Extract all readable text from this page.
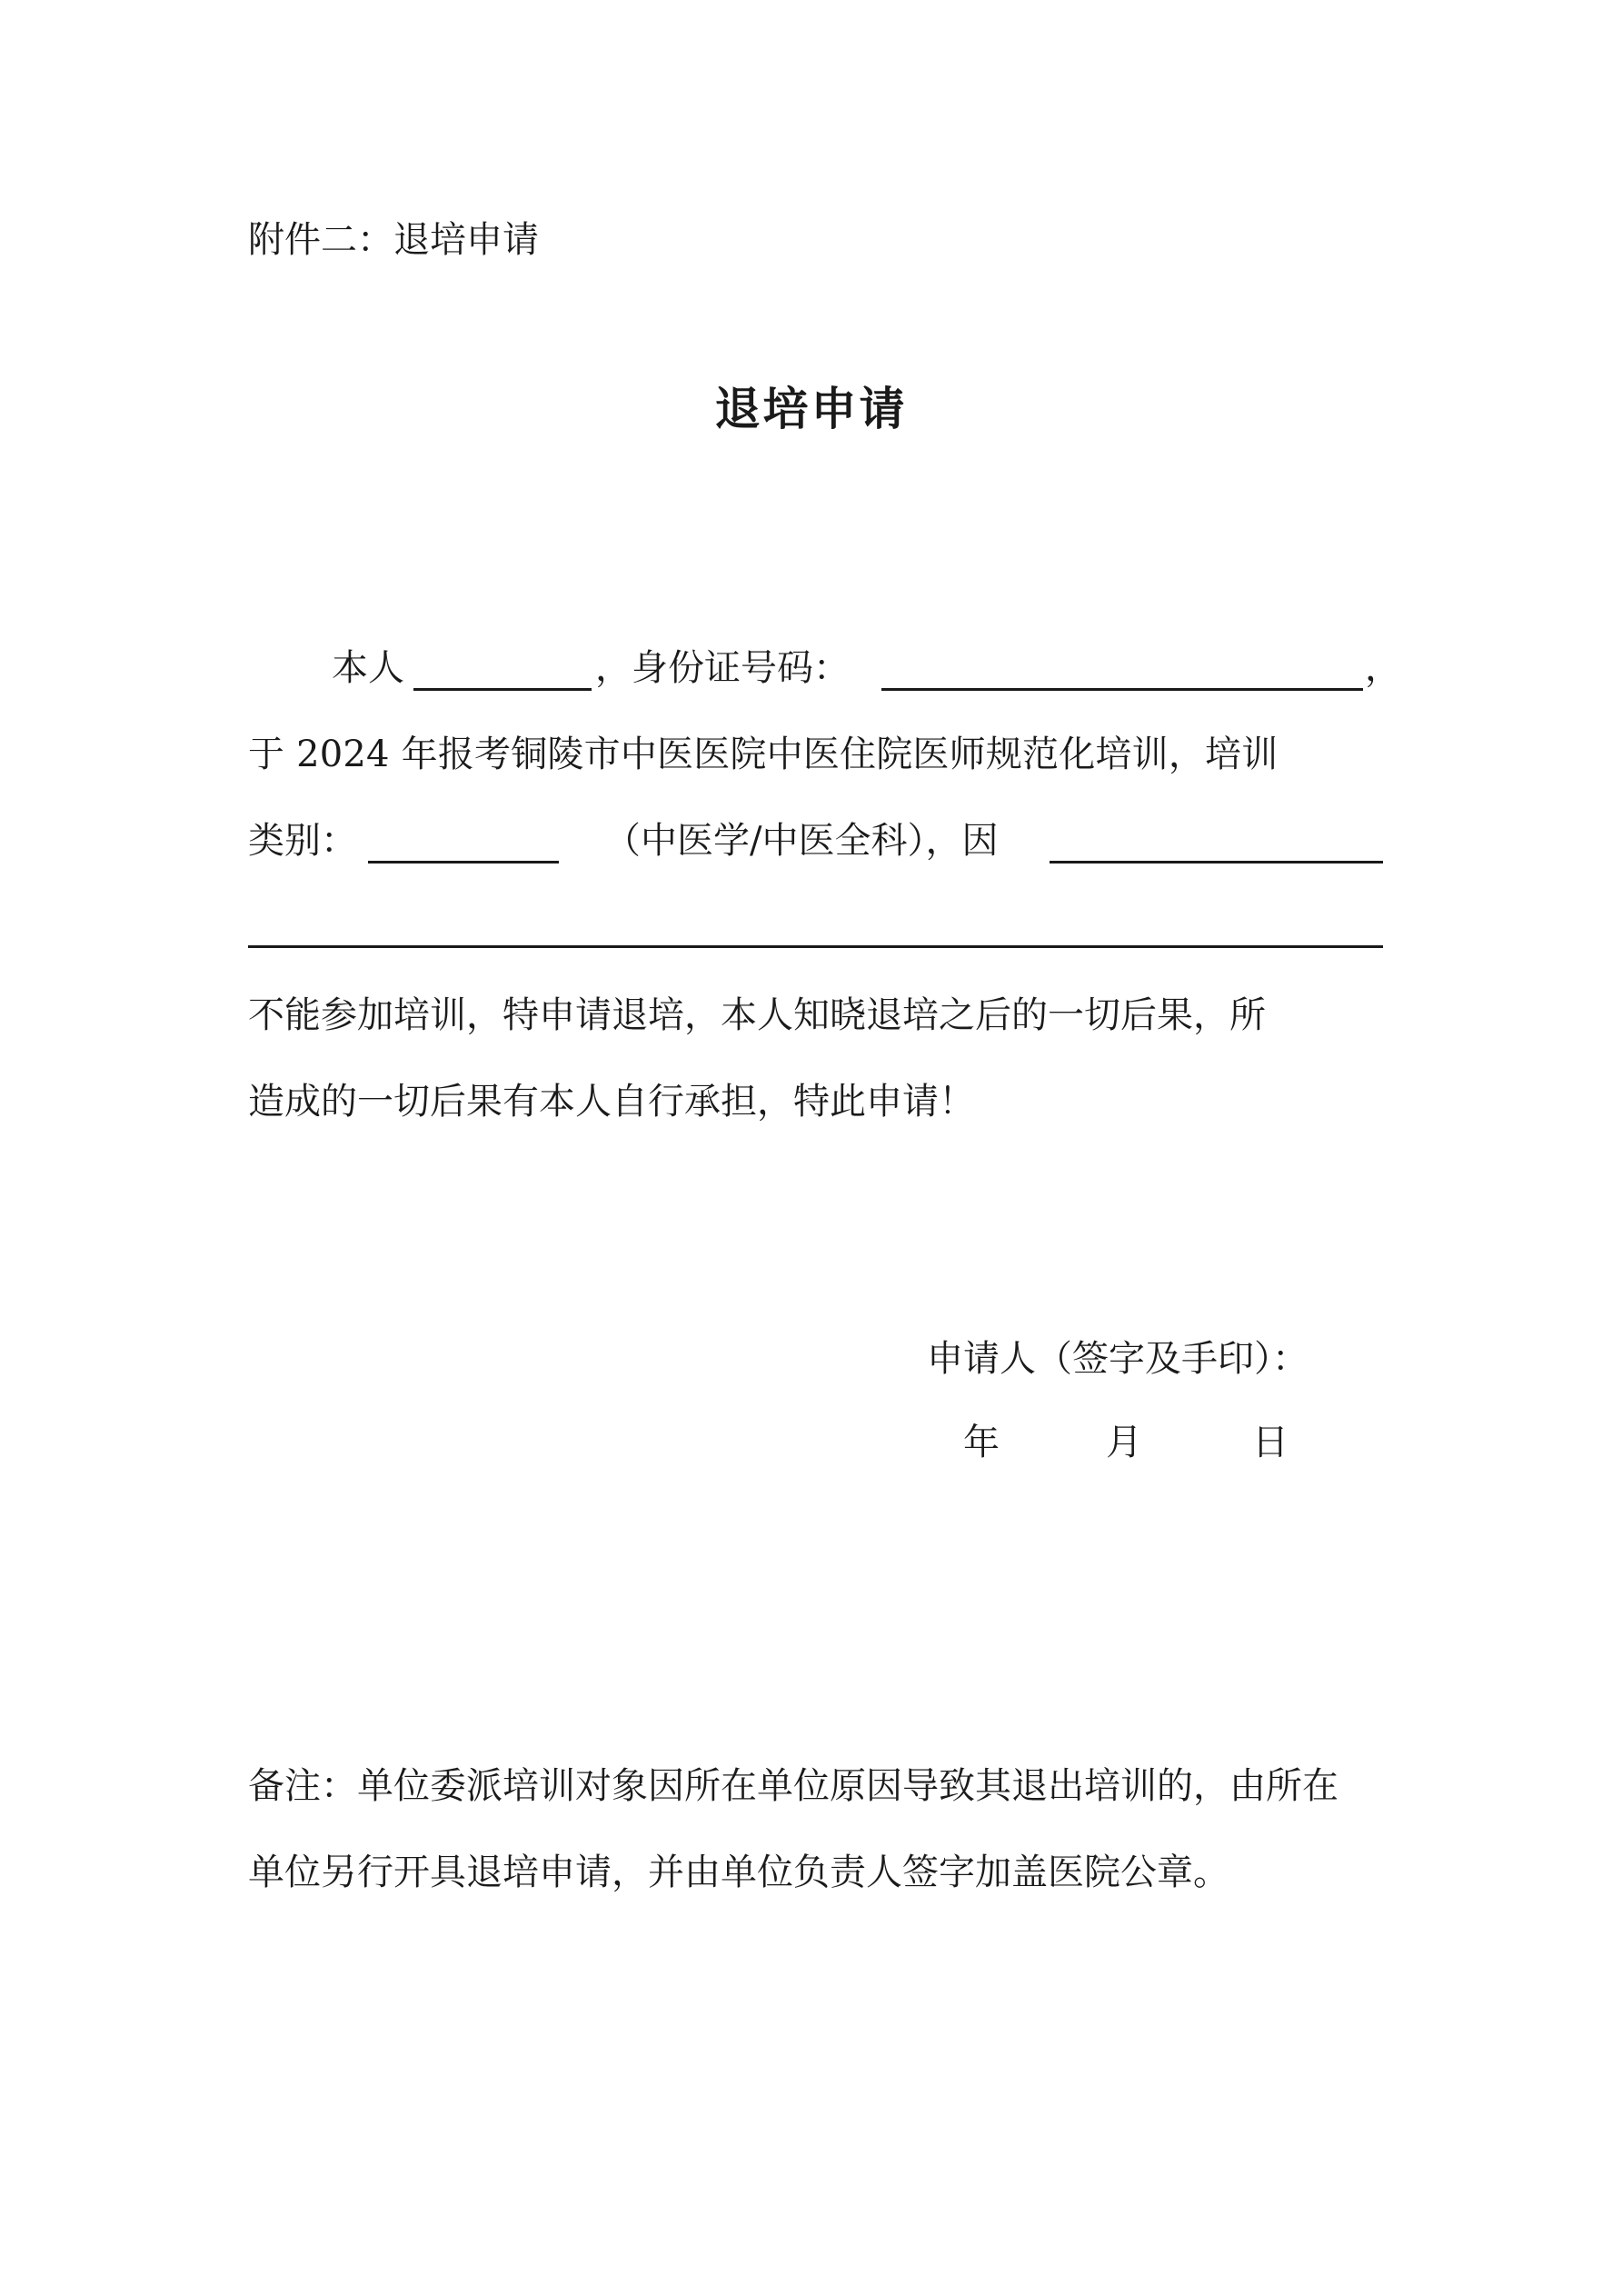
附件二：退培申请
退培申请
本人	，身份证号码：	，
于 2024 年报考铜陵市中医医院中医住院医师规范化培训，培训
类别：	（中医学/中医全科），因
不能参加培训，特申请退培，本人知晓退培之后的一切后果，所
造成的一切后果有本人自行承担，特此申请！
申请人（签字及手印）：
年	月	日
备注：单位委派培训对象因所在单位原因导致其退出培训的，由所在
单位另行开具退培申请，并由单位负责人签字加盖医院公章。
